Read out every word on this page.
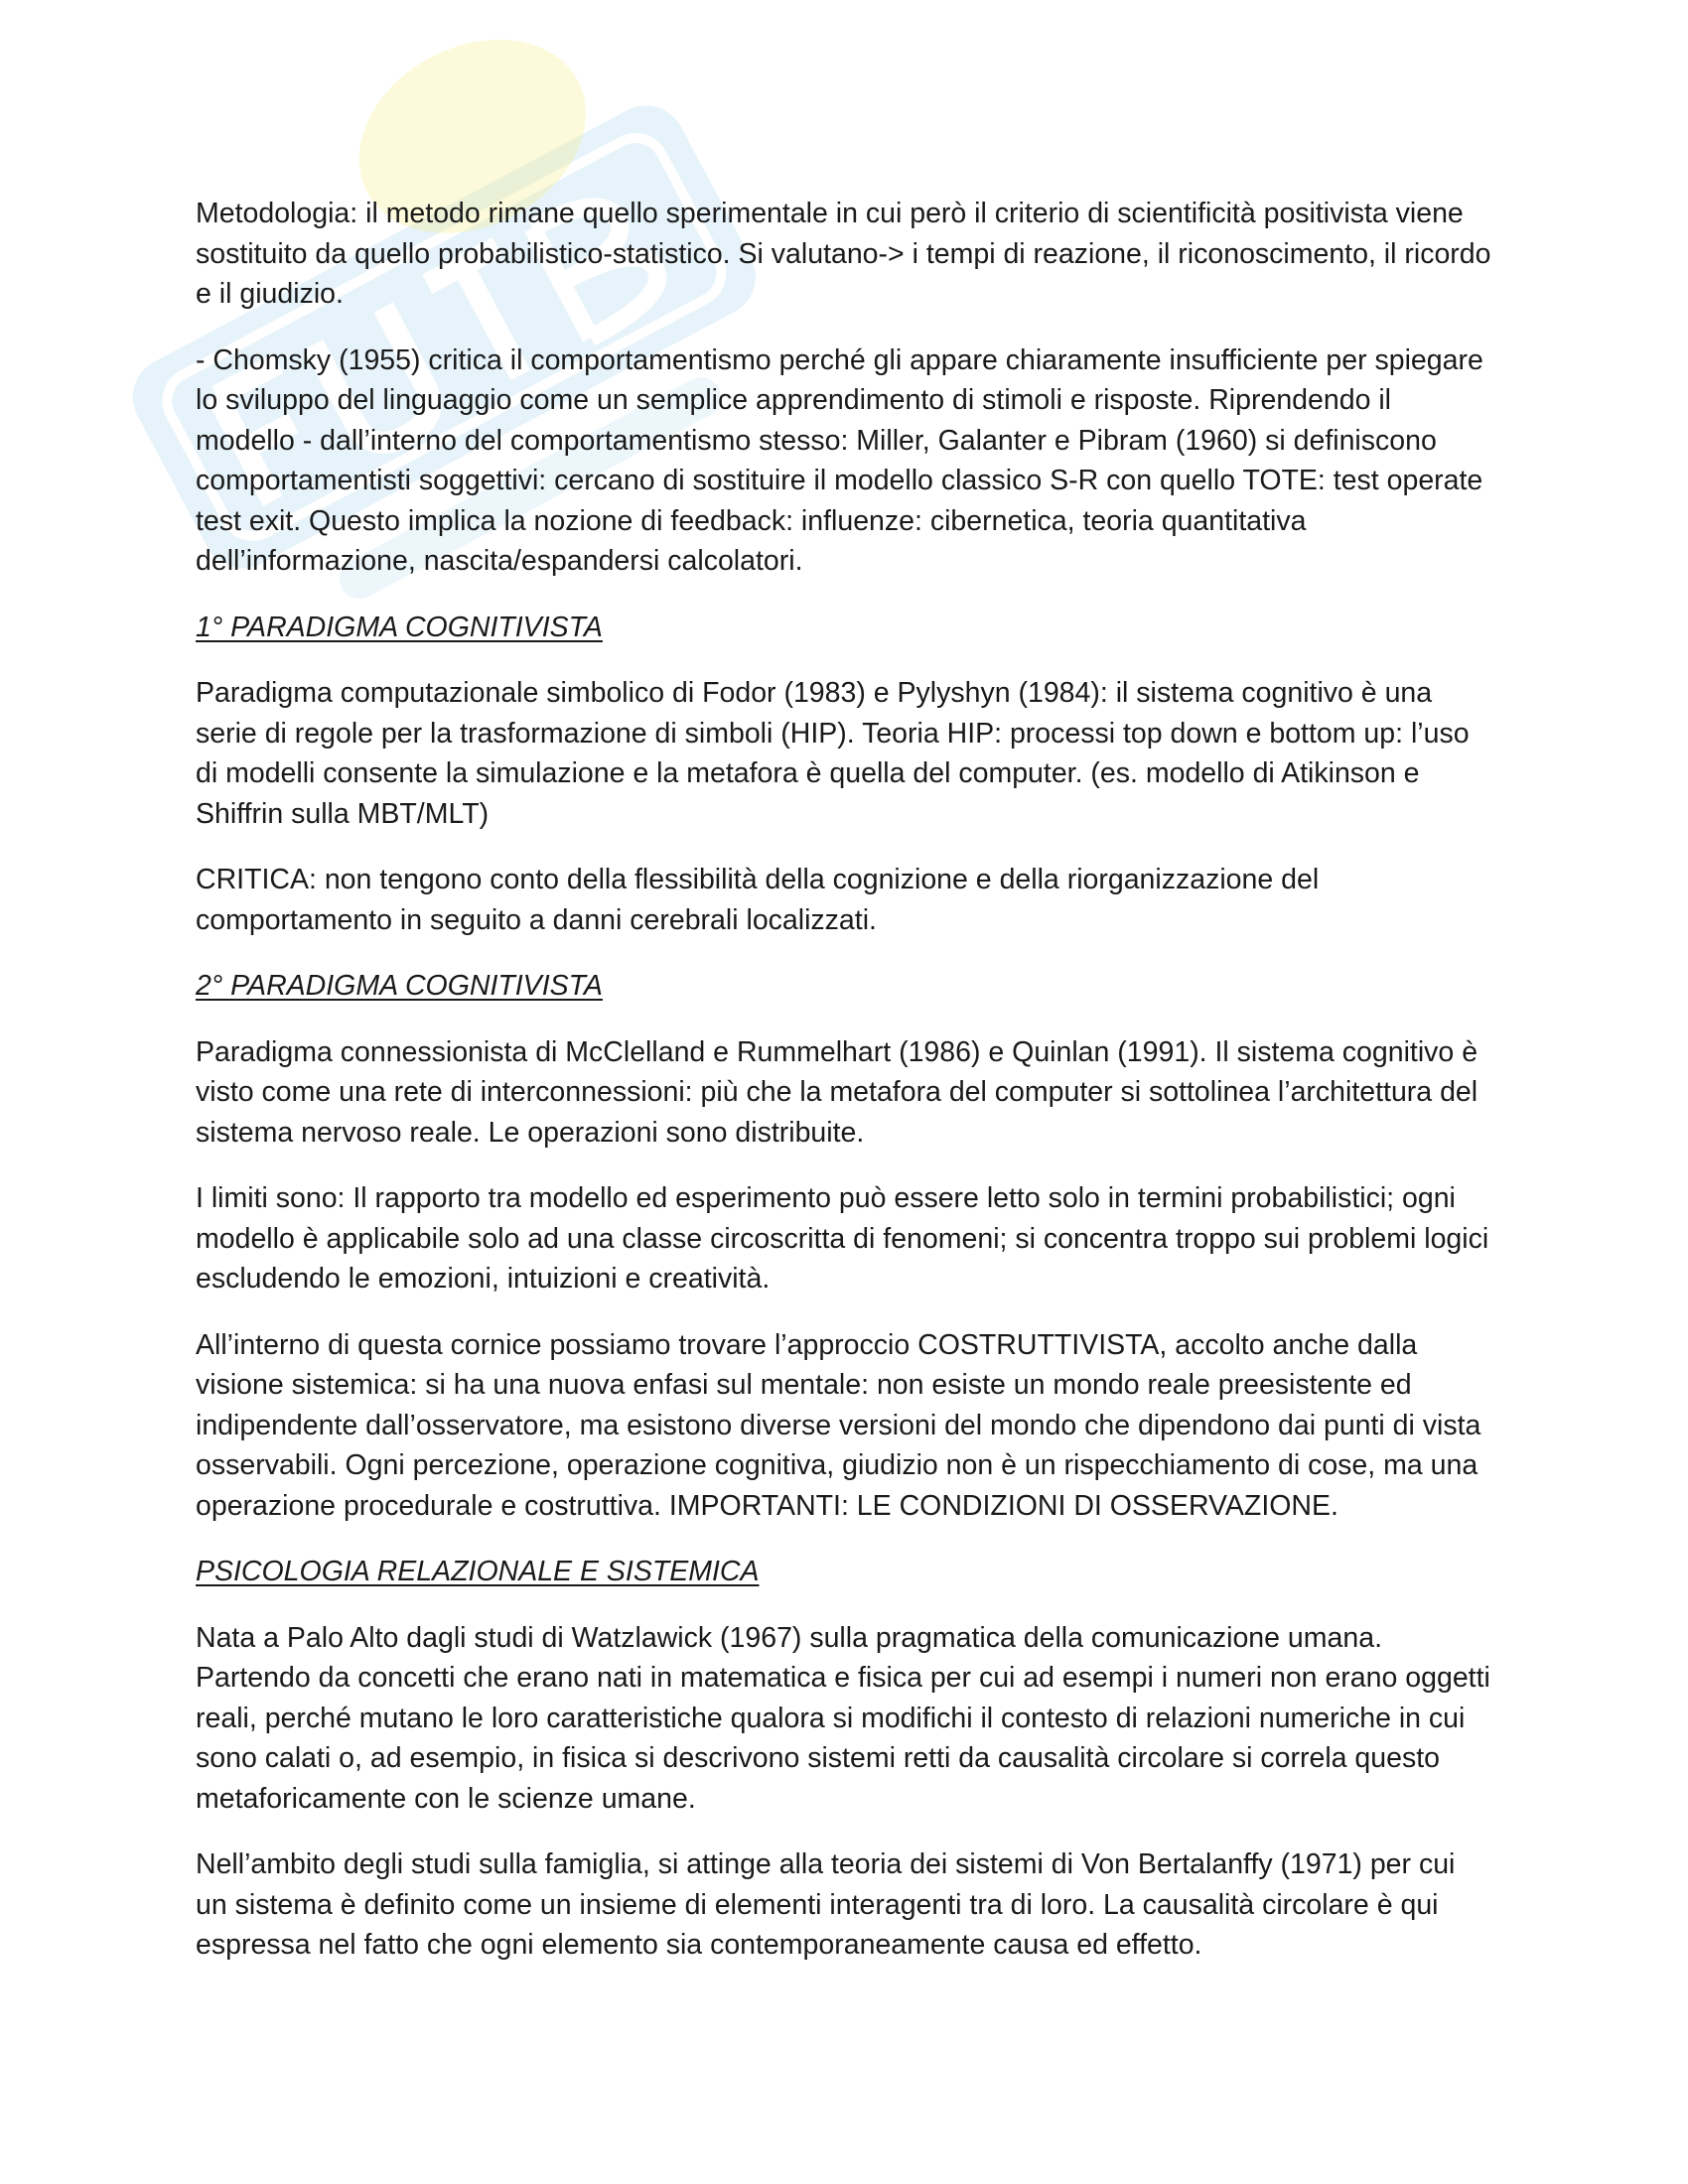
Metodologia: il metodo rimane quello sperimentale in cui però il criterio di scientificità positivista viene sostituito da quello probabilistico-statistico. Si valutano-> i tempi di reazione, il riconoscimento, il ricordo e il giudizio.

- Chomsky (1955) critica il comportamentismo perché gli appare chiaramente insufficiente per spiegare lo sviluppo del linguaggio come un semplice apprendimento di stimoli e risposte. Riprendendo il modello - dall’interno del comportamentismo stesso: Miller, Galanter e Pibram (1960) si definiscono comportamentisti soggettivi: cercano di sostituire il modello classico S-R con quello TOTE: test operate test exit. Questo implica la nozione di feedback: influenze: cibernetica, teoria quantitativa dell’informazione, nascita/espandersi calcolatori.

1° PARADIGMA COGNITIVISTA

Paradigma computazionale simbolico di Fodor (1983) e Pylyshyn (1984): il sistema cognitivo è una serie di regole per la trasformazione di simboli (HIP). Teoria HIP: processi top down e bottom up: l’uso di modelli consente la simulazione e la metafora è quella del computer. (es. modello di Atikinson e Shiffrin sulla MBT/MLT)

CRITICA: non tengono conto della flessibilità della cognizione e della riorganizzazione del comportamento in seguito a danni cerebrali localizzati.

2° PARADIGMA COGNITIVISTA

Paradigma connessionista di McClelland e Rummelhart (1986) e Quinlan (1991). Il sistema cognitivo è visto come una rete di interconnessioni: più che la metafora del computer si sottolinea l’architettura del sistema nervoso reale. Le operazioni sono distribuite.

I limiti sono: Il rapporto tra modello ed esperimento può essere letto solo in termini probabilistici; ogni modello è applicabile solo ad una classe circoscritta di fenomeni; si concentra troppo sui problemi logici escludendo le emozioni, intuizioni e creatività.

All’interno di questa cornice possiamo trovare l’approccio COSTRUTTIVISTA, accolto anche dalla visione sistemica: si ha una nuova enfasi sul mentale: non esiste un mondo reale preesistente ed indipendente dall’osservatore, ma esistono diverse versioni del mondo che dipendono dai punti di vista osservabili. Ogni percezione, operazione cognitiva, giudizio non è un rispecchiamento di cose, ma una operazione procedurale e costruttiva. IMPORTANTI: LE CONDIZIONI DI OSSERVAZIONE.

PSICOLOGIA RELAZIONALE E SISTEMICA

Nata a Palo Alto dagli studi di Watzlawick (1967) sulla pragmatica della comunicazione umana. Partendo da concetti che erano nati in matematica e fisica per cui ad esempi i numeri non erano oggetti reali, perché mutano le loro caratteristiche qualora si modifichi il contesto di relazioni numeriche in cui sono calati o, ad esempio, in fisica si descrivono sistemi retti da causalità circolare si correla questo metaforicamente con le scienze umane.

Nell’ambito degli studi sulla famiglia, si attinge alla teoria dei sistemi di Von Bertalanffy (1971) per cui un sistema è definito come un insieme di elementi interagenti tra di loro. La causalità circolare è qui espressa nel fatto che ogni elemento sia contemporaneamente causa ed effetto.
